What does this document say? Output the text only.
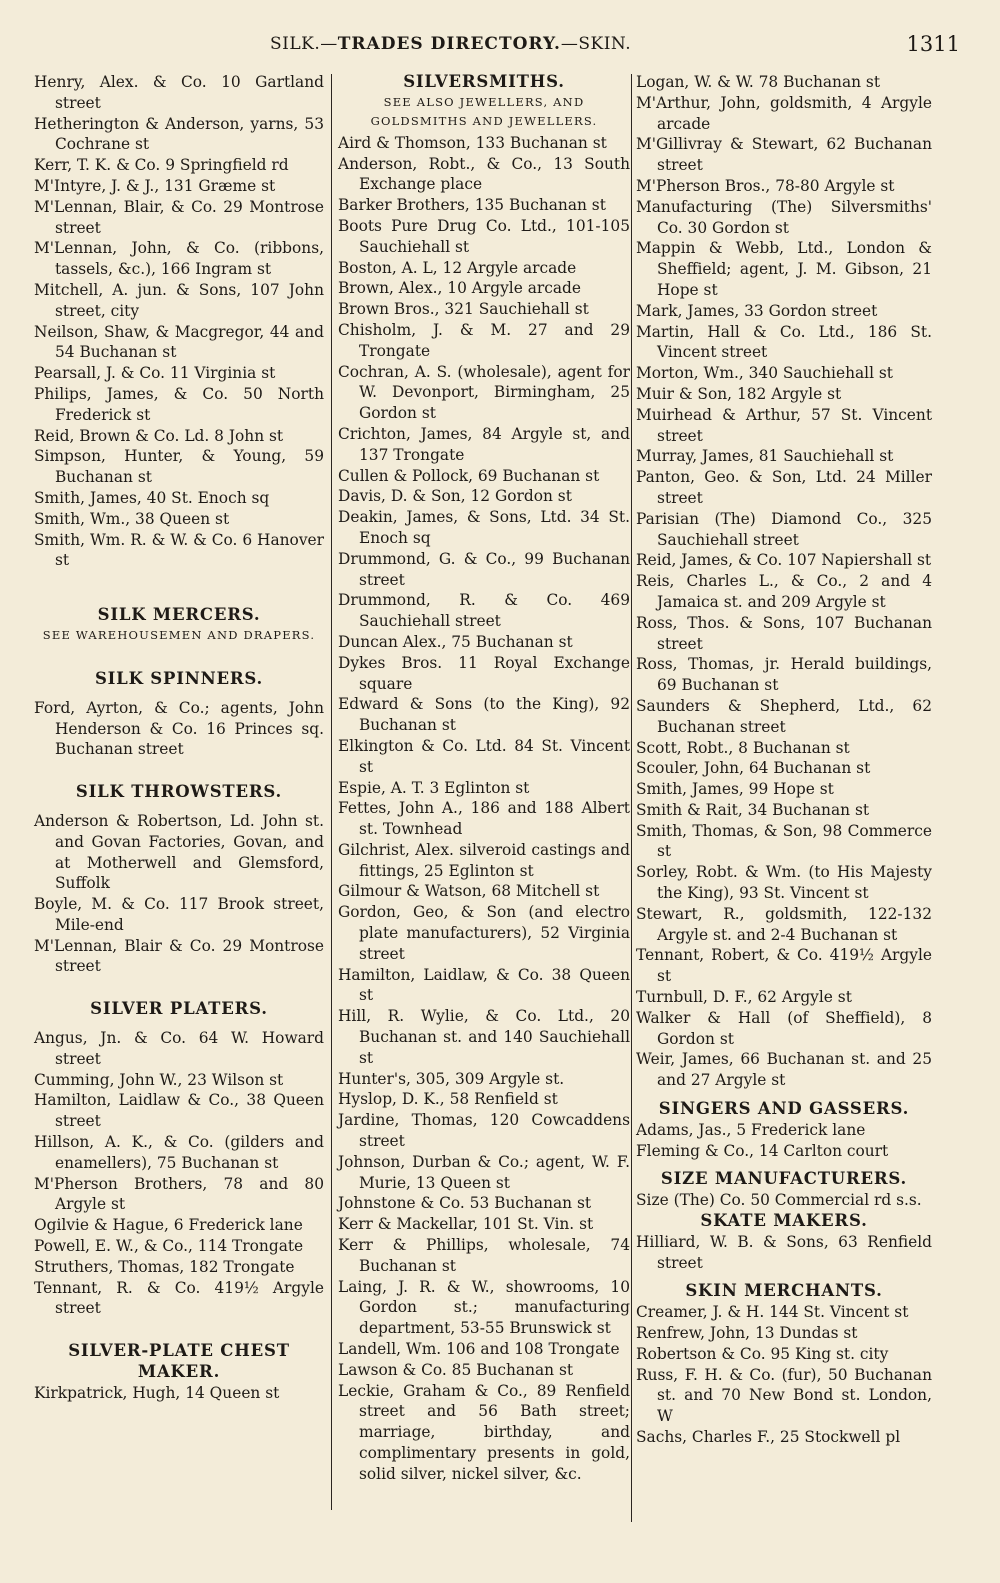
SILK.—TRADES DIRECTORY.—SKIN.	1311

Henry, Alex. & Co. 10 Gartland street

Hetherington & Anderson, yarns, 53 Cochrane st

Kerr, T. K. & Co. 9 Springfield rd

M'Intyre, J. & J., 131 Græme st

M'Lennan, Blair, & Co. 29 Montrose street

M'Lennan, John, & Co. (ribbons, tassels, &c.), 166 Ingram st

Mitchell, A. jun. & Sons, 107 John street, city

Neilson, Shaw, & Macgregor, 44 and 54 Buchanan st

Pearsall, J. & Co. 11 Virginia st

Philips, James, & Co. 50 North Frederick st

Reid, Brown & Co. Ld. 8 John st

Simpson, Hunter, & Young, 59 Buchanan st

Smith, James, 40 St. Enoch sq

Smith, Wm., 38 Queen st

Smith, Wm. R. & W. & Co. 6 Hanover st

SILK MERCERS.

SEE WAREHOUSEMEN AND DRAPERS.

SILK SPINNERS.

Ford, Ayrton, & Co.; agents, John Henderson & Co. 16 Princes sq. Buchanan street

SILK THROWSTERS.

Anderson & Robertson, Ld. John st. and Govan Factories, Govan, and at Motherwell and Glemsford, Suffolk

Boyle, M. & Co. 117 Brook street, Mile-end

M'Lennan, Blair & Co. 29 Montrose street

SILVER PLATERS.

Angus, Jn. & Co. 64 W. Howard street

Cumming, John W., 23 Wilson st

Hamilton, Laidlaw & Co., 38 Queen street

Hillson, A. K., & Co. (gilders and enamellers), 75 Buchanan st

M'Pherson Brothers, 78 and 80 Argyle st

Ogilvie & Hague, 6 Frederick lane

Powell, E. W., & Co., 114 Trongate

Struthers, Thomas, 182 Trongate

Tennant, R. & Co. 419½ Argyle street

SILVER-PLATE CHEST MAKER.

Kirkpatrick, Hugh, 14 Queen st

SILVERSMITHS.

SEE ALSO JEWELLERS, AND GOLDSMITHS AND JEWELLERS.

Aird & Thomson, 133 Buchanan st

Anderson, Robt., & Co., 13 South Exchange place

Barker Brothers, 135 Buchanan st

Boots Pure Drug Co. Ltd., 101-105 Sauchiehall st

Boston, A. L, 12 Argyle arcade

Brown, Alex., 10 Argyle arcade

Brown Bros., 321 Sauchiehall st

Chisholm, J. & M. 27 and 29 Trongate

Cochran, A. S. (wholesale), agent for W. Devonport, Birmingham, 25 Gordon st

Crichton, James, 84 Argyle st, and 137 Trongate

Cullen & Pollock, 69 Buchanan st

Davis, D. & Son, 12 Gordon st

Deakin, James, & Sons, Ltd. 34 St. Enoch sq

Drummond, G. & Co., 99 Buchanan street

Drummond, R. & Co. 469 Sauchiehall street

Duncan Alex., 75 Buchanan st

Dykes Bros. 11 Royal Exchange square

Edward & Sons (to the King), 92 Buchanan st

Elkington & Co. Ltd. 84 St. Vincent st

Espie, A. T. 3 Eglinton st

Fettes, John A., 186 and 188 Albert st. Townhead

Gilchrist, Alex. silveroid castings and fittings, 25 Eglinton st

Gilmour & Watson, 68 Mitchell st

Gordon, Geo, & Son (and electro plate manufacturers), 52 Virginia street

Hamilton, Laidlaw, & Co. 38 Queen st

Hill, R. Wylie, & Co. Ltd., 20 Buchanan st. and 140 Sauchiehall st

Hunter's, 305, 309 Argyle st.

Hyslop, D. K., 58 Renfield st

Jardine, Thomas, 120 Cowcaddens street

Johnson, Durban & Co.; agent, W. F. Murie, 13 Queen st

Johnstone & Co. 53 Buchanan st

Kerr & Mackellar, 101 St. Vin. st

Kerr & Phillips, wholesale, 74 Buchanan st

Laing, J. R. & W., showrooms, 10 Gordon st.; manufacturing department, 53-55 Brunswick st

Landell, Wm. 106 and 108 Trongate

Lawson & Co. 85 Buchanan st

Leckie, Graham & Co., 89 Renfield street and 56 Bath street; marriage, birthday, and complimentary presents in gold, solid silver, nickel silver, &c.

Logan, W. & W. 78 Buchanan st

M'Arthur, John, goldsmith, 4 Argyle arcade

M'Gillivray & Stewart, 62 Buchanan street

M'Pherson Bros., 78-80 Argyle st

Manufacturing (The) Silversmiths' Co. 30 Gordon st

Mappin & Webb, Ltd., London & Sheffield; agent, J. M. Gibson, 21 Hope st

Mark, James, 33 Gordon street

Martin, Hall & Co. Ltd., 186 St. Vincent street

Morton, Wm., 340 Sauchiehall st

Muir & Son, 182 Argyle st

Muirhead & Arthur, 57 St. Vincent street

Murray, James, 81 Sauchiehall st

Panton, Geo. & Son, Ltd. 24 Miller street

Parisian (The) Diamond Co., 325 Sauchiehall street

Reid, James, & Co. 107 Napiershall st

Reis, Charles L., & Co., 2 and 4 Jamaica st. and 209 Argyle st

Ross, Thos. & Sons, 107 Buchanan street

Ross, Thomas, jr. Herald buildings, 69 Buchanan st

Saunders & Shepherd, Ltd., 62 Buchanan street

Scott, Robt., 8 Buchanan st

Scouler, John, 64 Buchanan st

Smith, James, 99 Hope st

Smith & Rait, 34 Buchanan st

Smith, Thomas, & Son, 98 Commerce st

Sorley, Robt. & Wm. (to His Majesty the King), 93 St. Vincent st

Stewart, R., goldsmith, 122-132 Argyle st. and 2-4 Buchanan st

Tennant, Robert, & Co. 419½ Argyle st

Turnbull, D. F., 62 Argyle st

Walker & Hall (of Sheffield), 8 Gordon st

Weir, James, 66 Buchanan st. and 25 and 27 Argyle st

SINGERS AND GASSERS.

Adams, Jas., 5 Frederick lane

Fleming & Co., 14 Carlton court

SIZE MANUFACTURERS.

Size (The) Co. 50 Commercial rd s.s.

SKATE MAKERS.

Hilliard, W. B. & Sons, 63 Renfield street

SKIN MERCHANTS.

Creamer, J. & H. 144 St. Vincent st

Renfrew, John, 13 Dundas st

Robertson & Co. 95 King st. city

Russ, F. H. & Co. (fur), 50 Buchanan st. and 70 New Bond st. London, W

Sachs, Charles F., 25 Stockwell pl
